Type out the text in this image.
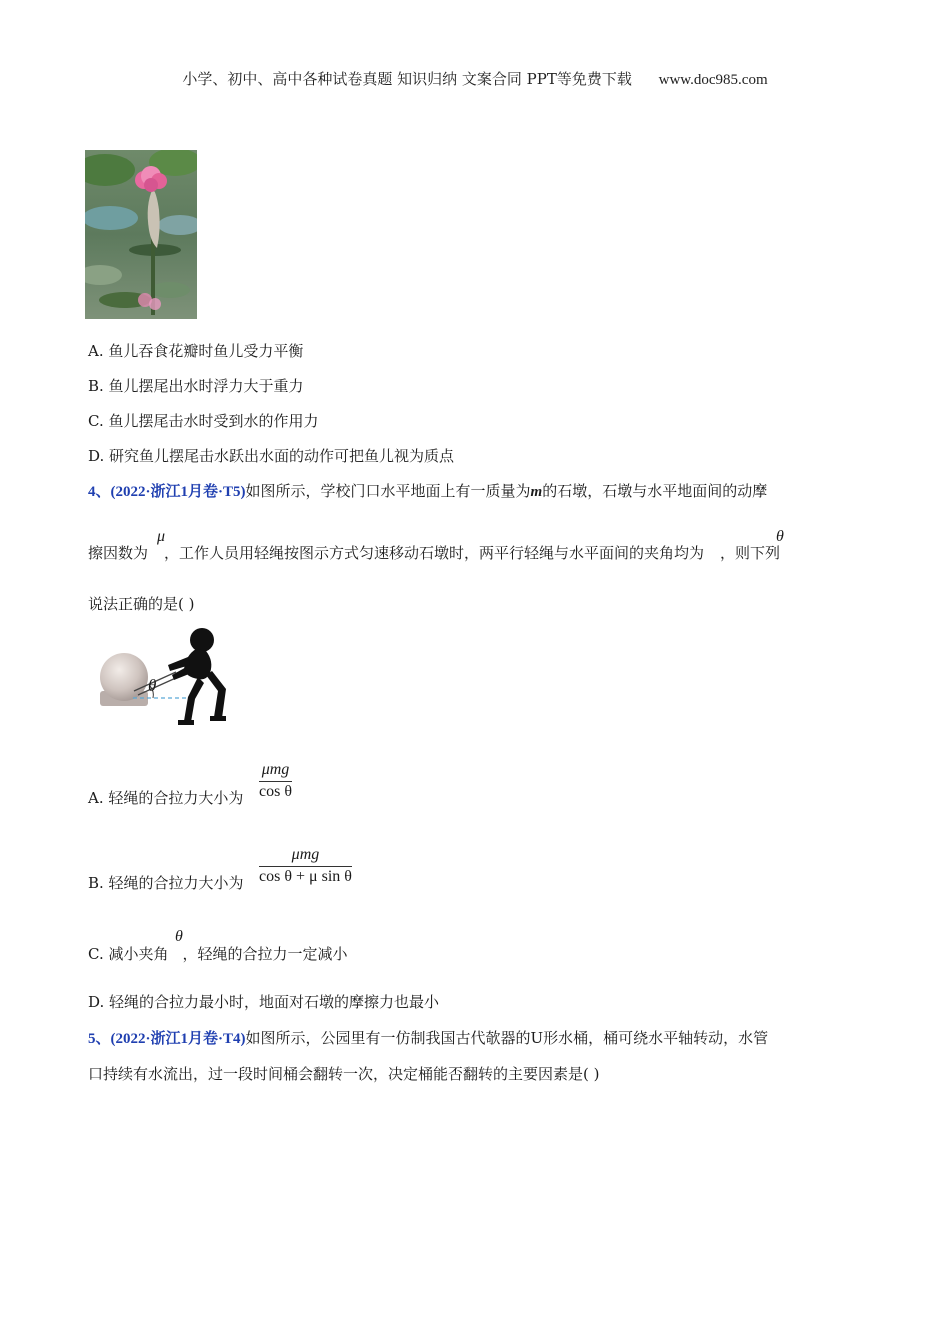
小学、初中、高中各种试卷真题 知识归纳 文案合同 PPT等免费下载 www.doc985.com
A. 鱼儿吞食花瓣时鱼儿受力平衡
B. 鱼儿摆尾出水时浮力大于重力
C. 鱼儿摆尾击水时受到水的作用力
D. 研究鱼儿摆尾击水跃出水面的动作可把鱼儿视为质点
4、(2022·浙江1月卷·T5)如图所示，学校门口水平地面上有一质量为m的石墩，石墩与水平地面间的动摩
擦因数为 ，工作人员用轻绳按图示方式匀速移动石墩时，两平行轻绳与水平面间的夹角均为 ，则下列
μ	θ
说法正确的是( )
θ
A. 轻绳的合拉力大小为
μmg
cos θ
B. 轻绳的合拉力大小为
μmg
cos θ + μ sin θ
C. 减小夹角 ，轻绳的合拉力一定减小
θ
D. 轻绳的合拉力最小时，地面对石墩的摩擦力也最小
5、(2022·浙江1月卷·T4)如图所示，公园里有一仿制我国古代欹器的U形水桶，桶可绕水平轴转动，水管
口持续有水流出，过一段时间桶会翻转一次，决定桶能否翻转的主要因素是( )
